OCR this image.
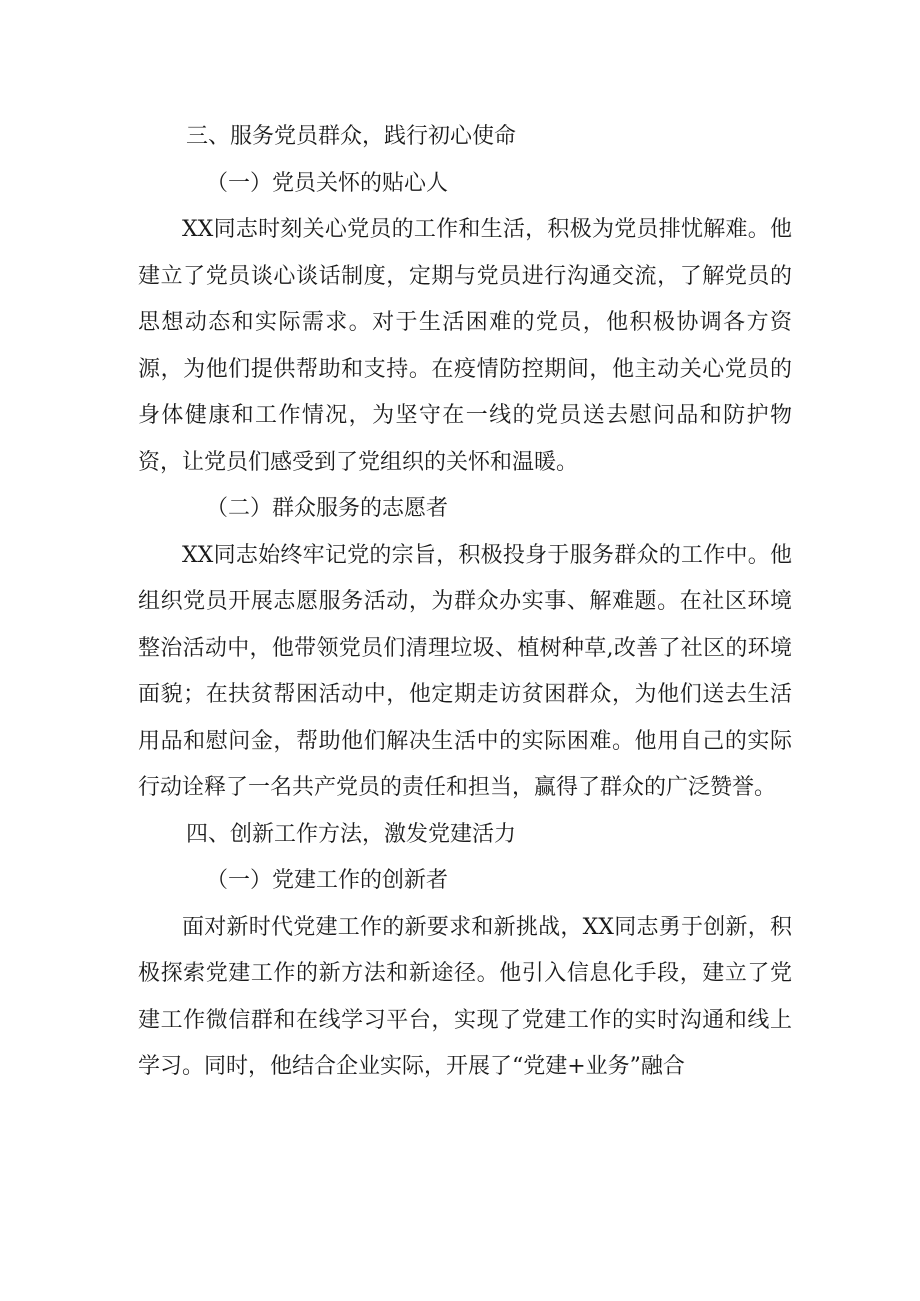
三、服务党员群众，践行初心使命
（一）党员关怀的贴心人

XX同志时刻关心党员的工作和生活，积极为党员排忧解难。他建立了党员谈心谈话制度，定期与党员进行沟通交流，了解党员的思想动态和实际需求。对于生活困难的党员，他积极协调各方资源，为他们提供帮助和支持。在疫情防控期间，他主动关心党员的身体健康和工作情况，为坚守在一线的党员送去慰问品和防护物资，让党员们感受到了党组织的关怀和温暖。

（二）群众服务的志愿者

XX同志始终牢记党的宗旨，积极投身于服务群众的工作中。他组织党员开展志愿服务活动，为群众办实事、解难题。在社区环境整治活动中，他带领党员们清理垃圾、植树种草,改善了社区的环境面貌；在扶贫帮困活动中，他定期走访贫困群众，为他们送去生活用品和慰问金，帮助他们解决生活中的实际困难。他用自己的实际行动诠释了一名共产党员的责任和担当，赢得了群众的广泛赞誉。

四、创新工作方法，激发党建活力
（一）党建工作的创新者

面对新时代党建工作的新要求和新挑战，XX同志勇于创新，积极探索党建工作的新方法和新途径。他引入信息化手段，建立了党建工作微信群和在线学习平台，实现了党建工作的实时沟通和线上学习。同时，他结合企业实际，开展了“党建+业务”融合
